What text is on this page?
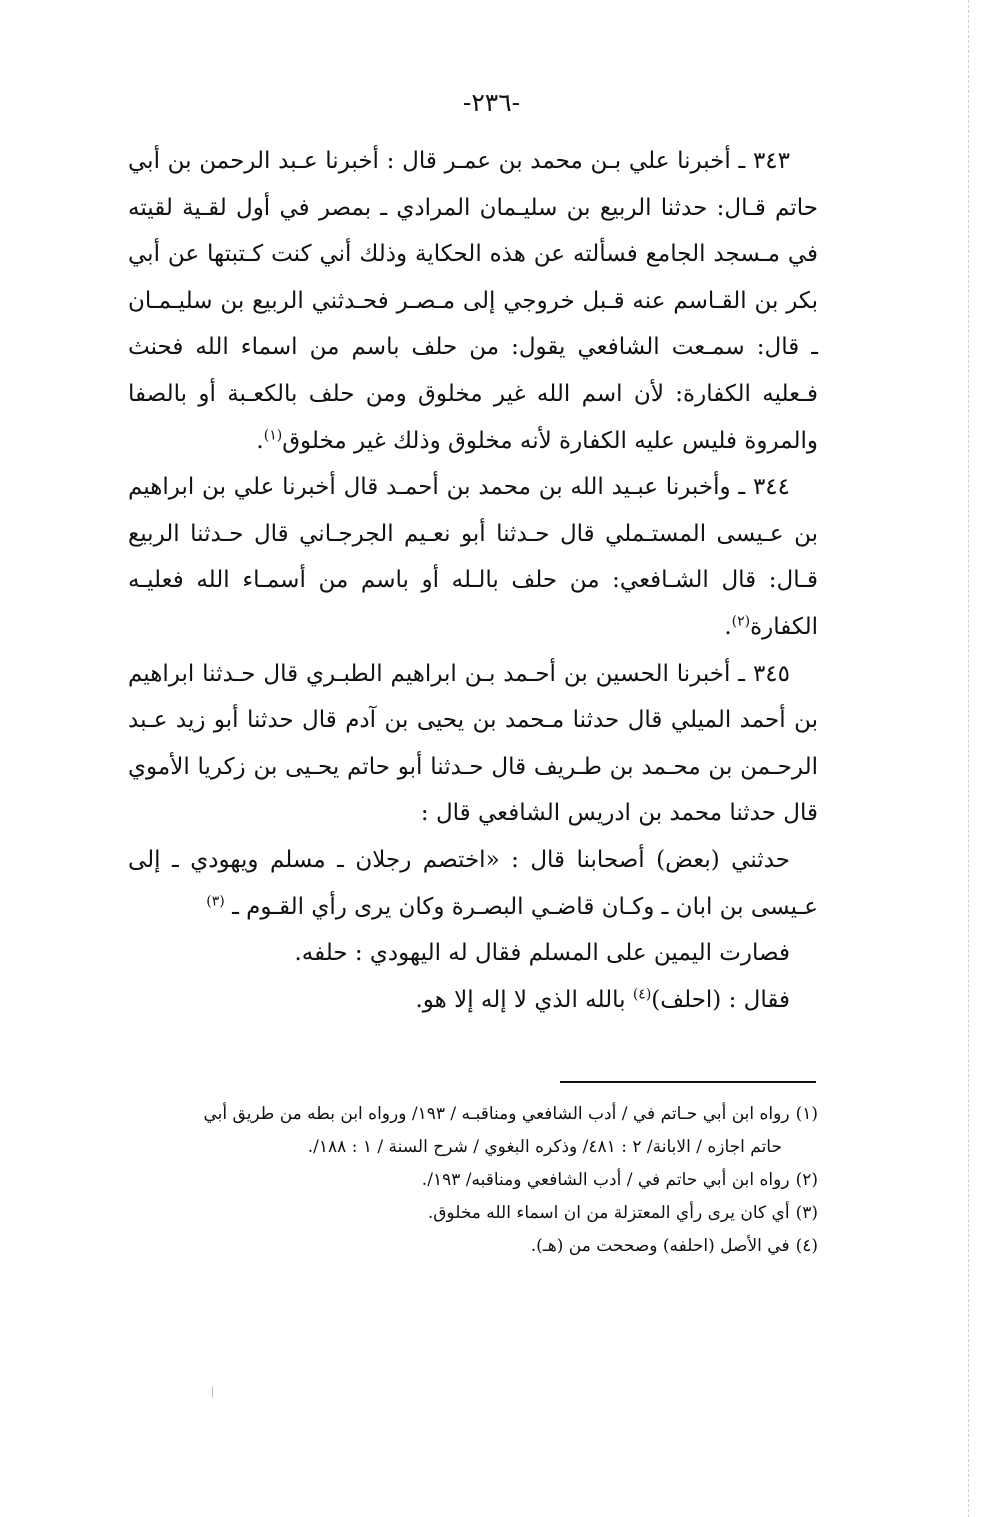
-٢٣٦-

٣٤٣ ـ أخبرنا علي بـن محمد بن عمـر قال : أخبرنا عـبد الرحمن بن أبي حاتم قـال: حدثنا الربيع بن سليـمان المرادي ـ بمصر في أول لقـية لقيته في مـسجد الجامع فسألته عن هذه الحكاية وذلك أني كنت كـتبتها عن أبي بكر بن القـاسم عنه قـبل خروجي إلى مـصـر فحـدثني الربيع بن سليـمـان ـ قال: سمـعت الشافعي يقول: من حلف باسم من اسماء الله فحنث فـعليه الكفارة: لأن اسم الله غير مخلوق ومن حلف بالكعـبة أو بالصفا والمروة فليس عليه الكفارة لأنه مخلوق وذلك غير مخلوق$^{(١)}$.

٣٤٤ ـ وأخبرنا عبـيد الله بن محمد بن أحمـد قال أخبرنا علي بن ابراهيم بن عـيسى المستـملي قال حـدثنا أبو نعـيم الجرجـاني قال حـدثنا الربيع قـال: قال الشـافعي: من حلف بالـله أو باسم من أسمـاء الله فعليـه الكفارة$^{(٢)}$.

٣٤٥ ـ أخبرنا الحسين بن أحـمد بـن ابراهيم الطبـري قال حـدثنا ابراهيم بن أحمد الميلي قال حدثنا مـحمد بن يحيى بن آدم قال حدثنا أبو زيد عـبد الرحـمن بن محـمد بن طـريف قال حـدثنا أبو حاتم يحـيى بن زكريا الأموي قال حدثنا محمد بن ادريس الشافعي قال :

حدثني (بعض) أصحابنا قال : «اختصم رجلان ـ مسلم ويهودي ـ إلى عـيسى بن ابان ـ وكـان قاضـي البصـرة وكان يرى رأي القـوم ـ $^{(٣)}$

فصارت اليمين على المسلم فقال له اليهودي : حلفه.

فقال : (احلف)$^{(٤)}$ بالله الذي لا إله إلا هو.

(١)رواه ابن أبي حـاتم في / أدب الشافعي ومناقبـه / ١٩٣/ ورواه ابن بطه من طريق أبي

حاتم اجازه / الابانة/ ٢ : ٤٨١/ وذكره البغوي / شرح السنة / ١ : ١٨٨/.

(٢)رواه ابن أبي حاتم في / أدب الشافعي ومناقبه/ ١٩٣/.

(٣)أي كان يرى رأي المعتزلة من ان اسماء الله مخلوق.

(٤)في الأصل (احلفه) وصححت من (هـ).
